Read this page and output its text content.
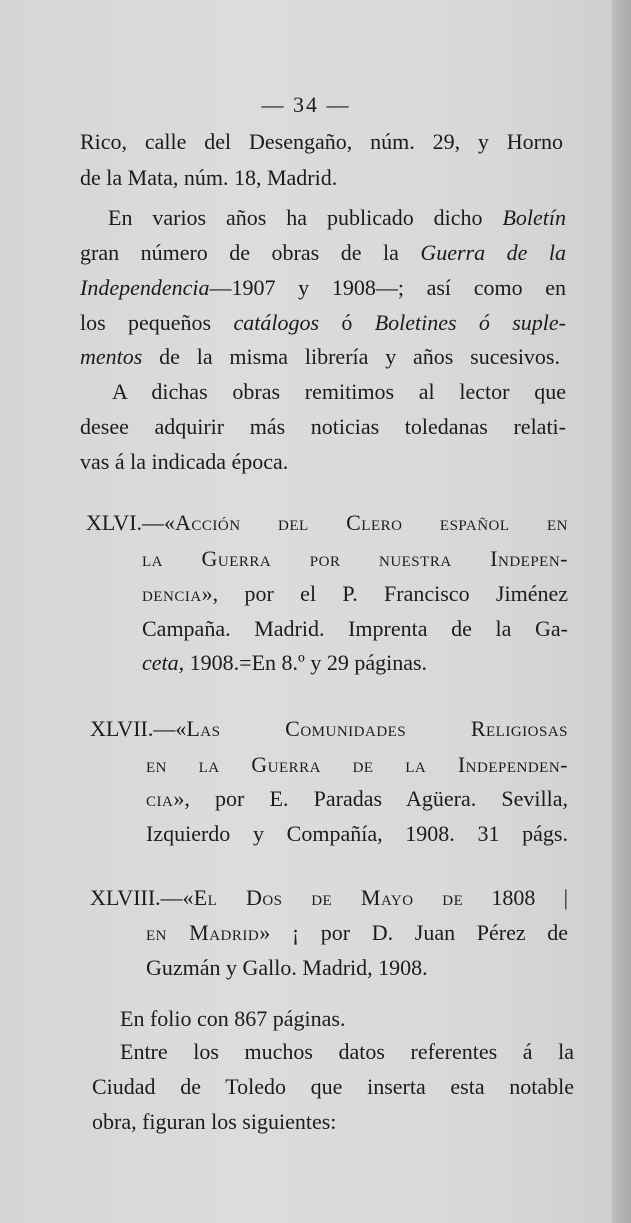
— 34 —
Rico, calle del Desengaño, núm. 29, y Horno
de la Mata, núm. 18, Madrid.
En varios años ha publicado dicho Boletín
gran número de obras de la Guerra de la
Independencia—1907 y 1908—; así como en
los pequeños catálogos ó Boletines ó suple-
mentos de la misma librería y años sucesivos.
A dichas obras remitimos al lector que
desee adquirir más noticias toledanas relati-
vas á la indicada época.
XLVI.—«Acción del Clero español en
la Guerra por nuestra Indepen-
dencia», por el P. Francisco Jiménez
Campaña. Madrid. Imprenta de la Ga-
ceta, 1908.=En 8.º y 29 páginas.
XLVII.—«Las Comunidades Religiosas
en la Guerra de la Independen-
cia», por E. Paradas Agüera. Sevilla,
Izquierdo y Compañía, 1908. 31 págs.
XLVIII.—«El Dos de Mayo de 1808 |
en Madrid» ¡ por D. Juan Pérez de
Guzmán y Gallo. Madrid, 1908.
En folio con 867 páginas.
Entre los muchos datos referentes á la
Ciudad de Toledo que inserta esta notable
obra, figuran los siguientes:
